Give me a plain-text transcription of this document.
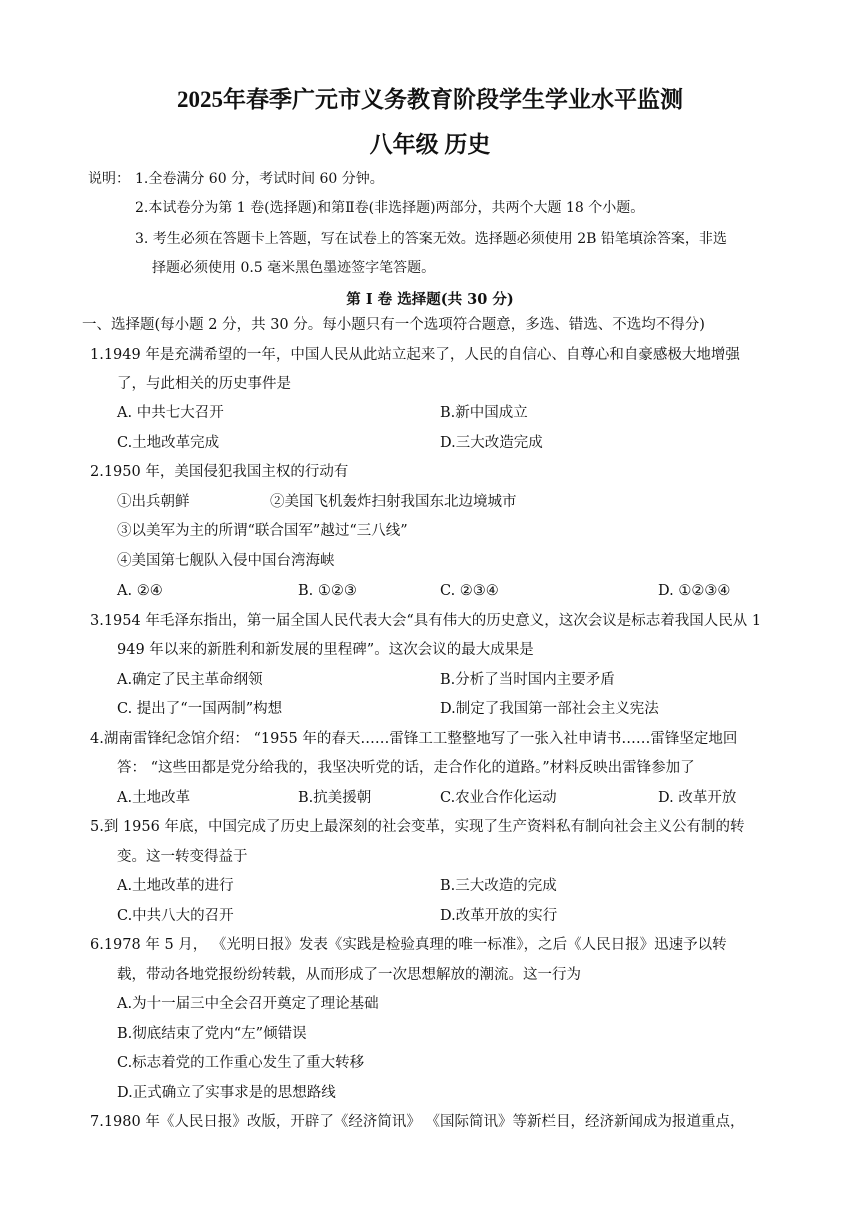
2025年春季广元市义务教育阶段学生学业水平监测
八年级 历史
说明： 1.全卷满分 60 分，考试时间 60 分钟。
2.本试卷分为第 1 卷(选择题)和第Ⅱ卷(非选择题)两部分，共两个大题 18 个小题。
3. 考生必须在答题卡上答题，写在试卷上的答案无效。选择题必须使用 2B 铅笔填涂答案，非选
择题必须使用 0.5 毫米黑色墨迹签字笔答题。
第 Ⅰ 卷 选择题(共 30 分)
一、选择题(每小题 2 分，共 30 分。每小题只有一个选项符合题意，多选、错选、不选均不得分)
1.1949 年是充满希望的一年，中国人民从此站立起来了，人民的自信心、自尊心和自豪感极大地增强
了，与此相关的历史事件是
A. 中共七大召开	B.新中国成立
C.土地改革完成	D.三大改造完成
2.1950 年，美国侵犯我国主权的行动有
①出兵朝鲜	②美国飞机轰炸扫射我国东北边境城市
③以美军为主的所谓“联合国军”越过“三八线”
④美国第七舰队入侵中国台湾海峡
A. ②④	B. ①②③	C. ②③④	D. ①②③④
3.1954 年毛泽东指出，第一届全国人民代表大会“具有伟大的历史意义，这次会议是标志着我国人民从 1
949 年以来的新胜利和新发展的里程碑”。这次会议的最大成果是
A.确定了民主革命纲领	B.分析了当时国内主要矛盾
C. 提出了“一国两制”构想	D.制定了我国第一部社会主义宪法
4.湖南雷锋纪念馆介绍： “1955 年的春天……雷锋工工整整地写了一张入社申请书……雷锋坚定地回
答： “这些田都是党分给我的，我坚决听党的话，走合作化的道路。”材料反映出雷锋参加了
A.土地改革	B.抗美援朝	C.农业合作化运动	D. 改革开放
5.到 1956 年底，中国完成了历史上最深刻的社会变革，实现了生产资料私有制向社会主义公有制的转
变。这一转变得益于
A.土地改革的进行	B.三大改造的完成
C.中共八大的召开	D.改革开放的实行
6.1978 年 5 月， 《光明日报》发表《实践是检验真理的唯一标准》，之后《人民日报》迅速予以转
载，带动各地党报纷纷转载，从而形成了一次思想解放的潮流。这一行为
A.为十一届三中全会召开奠定了理论基础
B.彻底结束了党内“左”倾错误
C.标志着党的工作重心发生了重大转移
D.正式确立了实事求是的思想路线
7.1980 年《人民日报》改版，开辟了《经济简讯》 《国际简讯》等新栏目，经济新闻成为报道重点，
